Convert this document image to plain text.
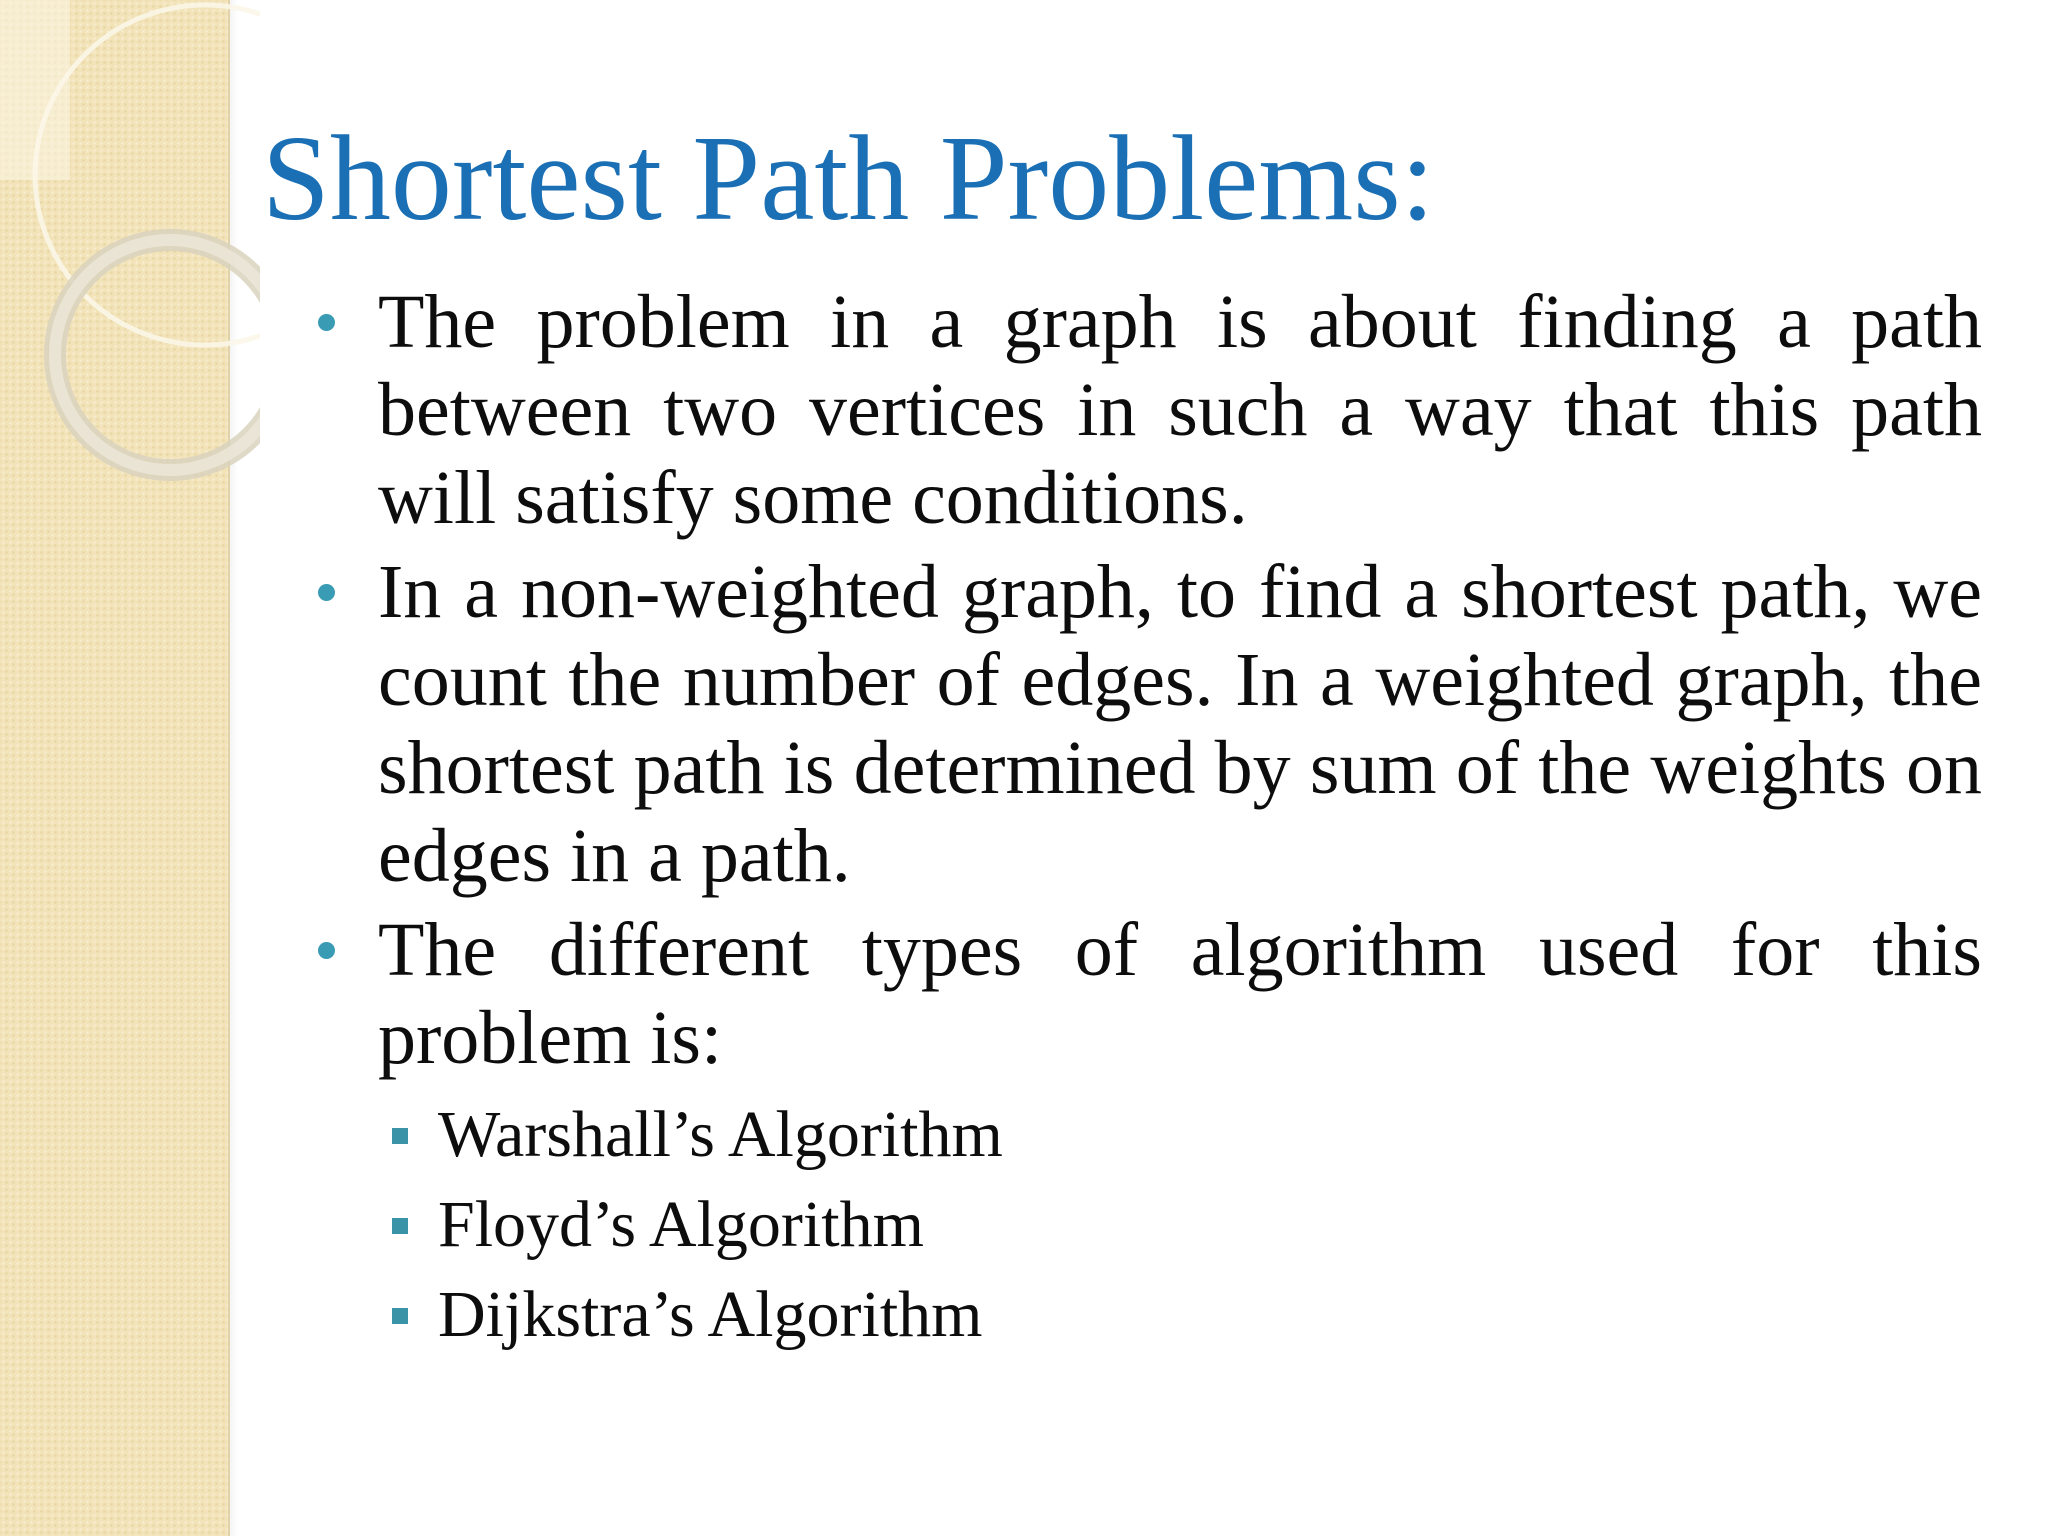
Shortest Path Problems:
The problem in a graph is about finding a path between two vertices in such a way that this path will satisfy some conditions.
In a non-weighted graph, to find a shortest path, we count the number of edges. In a weighted graph, the shortest path is determined by sum of the weights on edges in a path.
The different types of algorithm used for this problem is:
Warshall’s Algorithm
Floyd’s Algorithm
Dijkstra’s Algorithm
